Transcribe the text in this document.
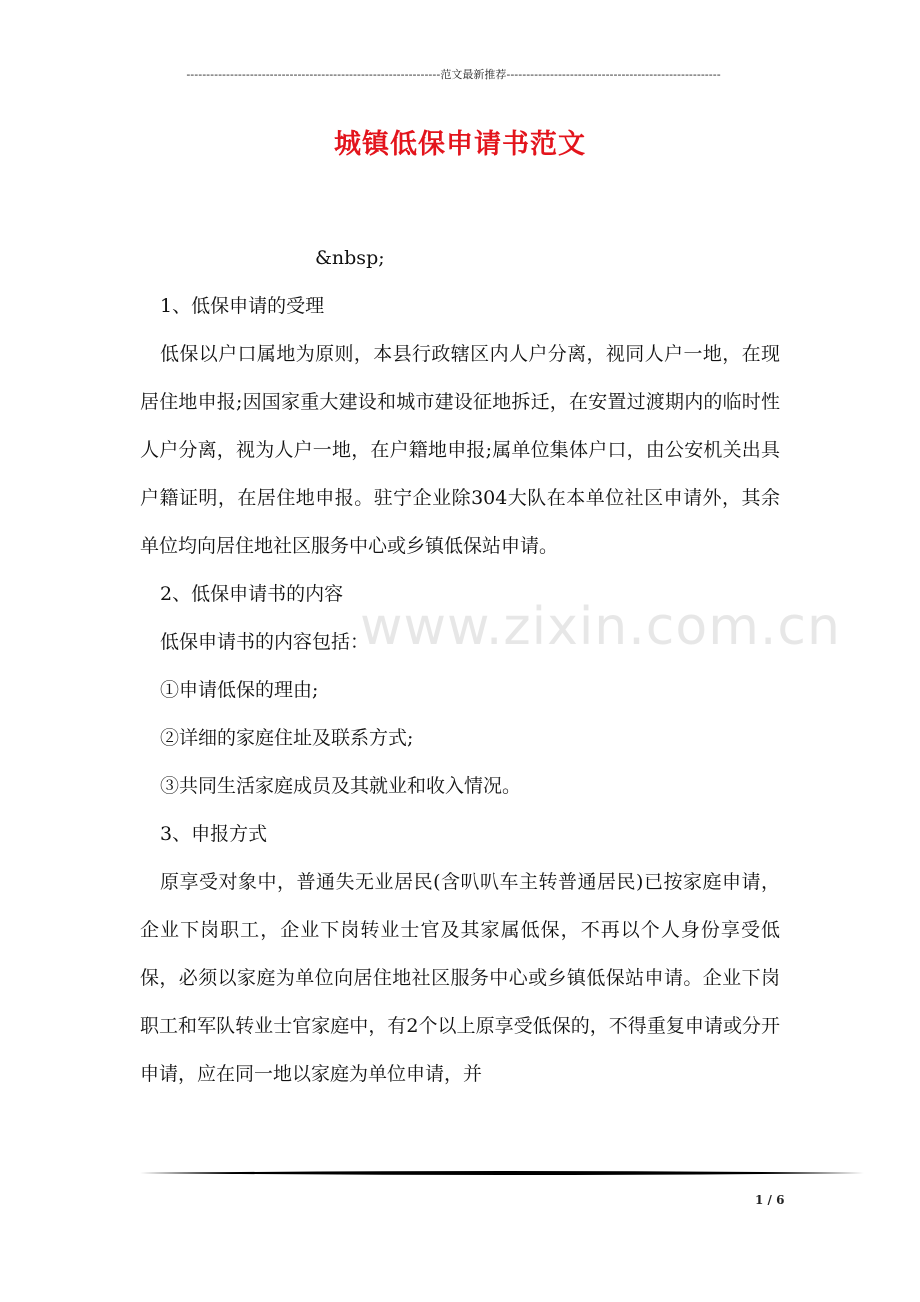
----------------------------------------------------------------范文最新推荐------------------------------------------------------
城镇低保申请书范文
www.zixin.com.cn

&nbsp;

1、低保申请的受理

低保以户口属地为原则，本县行政辖区内人户分离，视同人户一地，在现居住地申报;因国家重大建设和城市建设征地拆迁，在安置过渡期内的临时性人户分离，视为人户一地，在户籍地申报;属单位集体户口，由公安机关出具户籍证明，在居住地申报。驻宁企业除304大队在本单位社区申请外，其余单位均向居住地社区服务中心或乡镇低保站申请。

2、低保申请书的内容

低保申请书的内容包括：

①申请低保的理由;

②详细的家庭住址及联系方式;

③共同生活家庭成员及其就业和收入情况。

3、申报方式

原享受对象中，普通失无业居民(含叭叭车主转普通居民)已按家庭申请，企业下岗职工，企业下岗转业士官及其家属低保，不再以个人身份享受低保，必须以家庭为单位向居住地社区服务中心或乡镇低保站申请。企业下岗职工和军队转业士官家庭中，有2个以上原享受低保的，不得重复申请或分开申请，应在同一地以家庭为单位申请，并

1 / 6
